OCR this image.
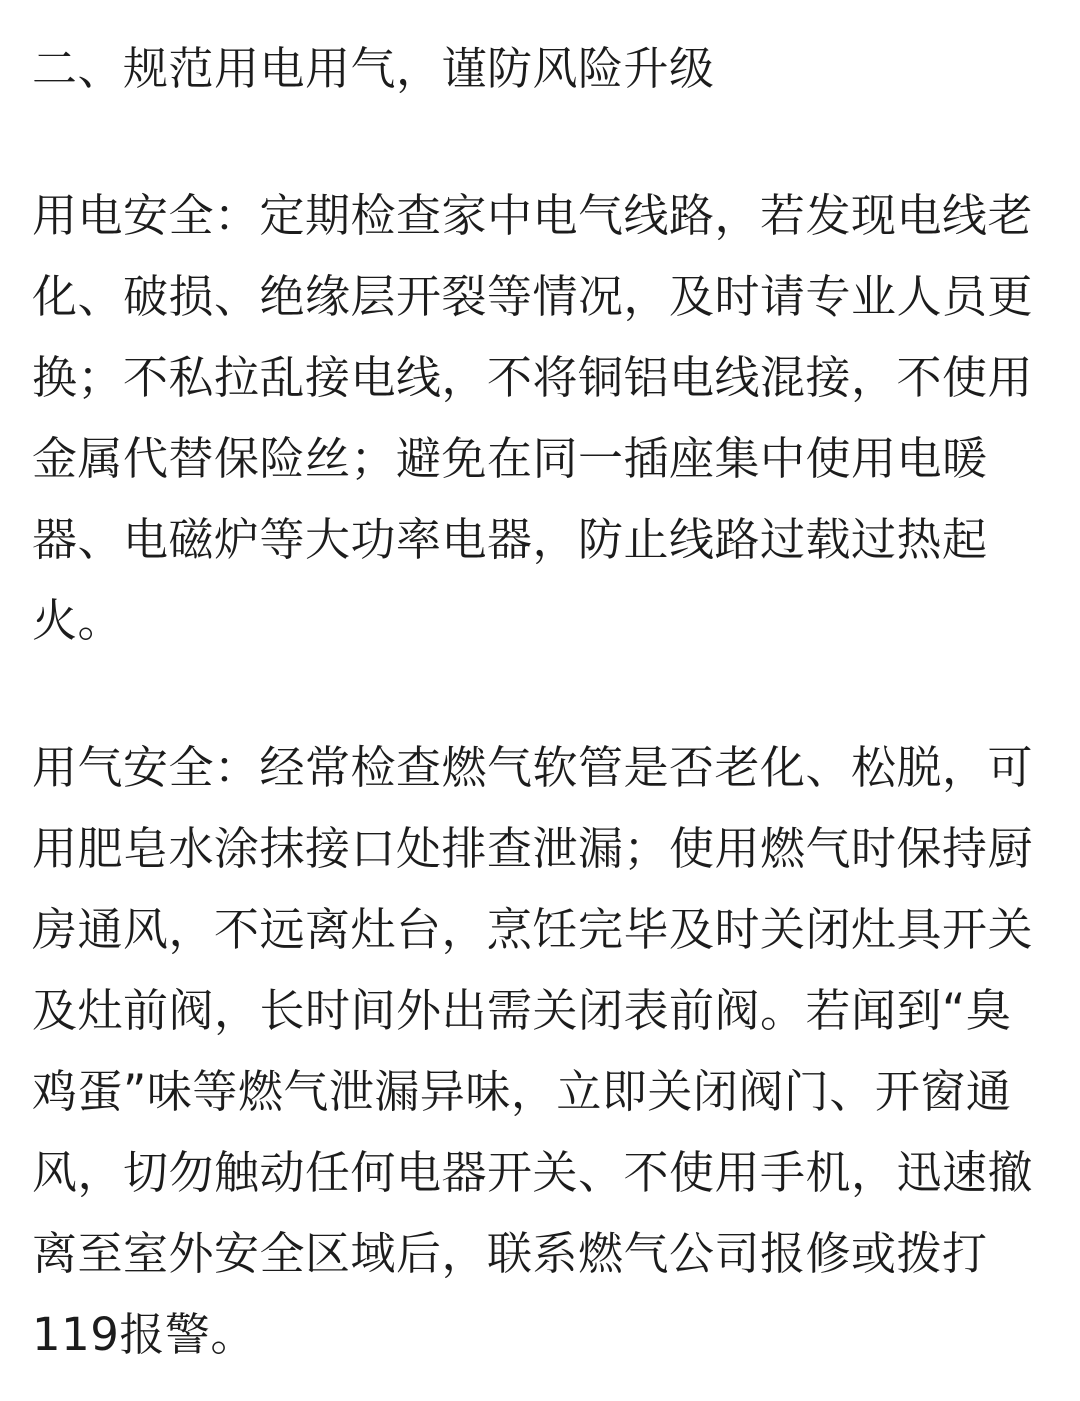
二、规范用电用气，谨防风险升级
用电安全：定期检查家中电气线路，若发现电线老
化、破损、绝缘层开裂等情况，及时请专业人员更
换；不私拉乱接电线，不将铜铝电线混接，不使用
金属代替保险丝；避免在同一插座集中使用电暖
器、电磁炉等大功率电器，防止线路过载过热起
火。
用气安全：经常检查燃气软管是否老化、松脱，可
用肥皂水涂抹接口处排查泄漏；使用燃气时保持厨
房通风，不远离灶台，烹饪完毕及时关闭灶具开关
及灶前阀，长时间外出需关闭表前阀。若闻到“臭
鸡蛋”味等燃气泄漏异味，立即关闭阀门、开窗通
风，切勿触动任何电器开关、不使用手机，迅速撤
离至室外安全区域后，联系燃气公司报修或拨打
119报警。
